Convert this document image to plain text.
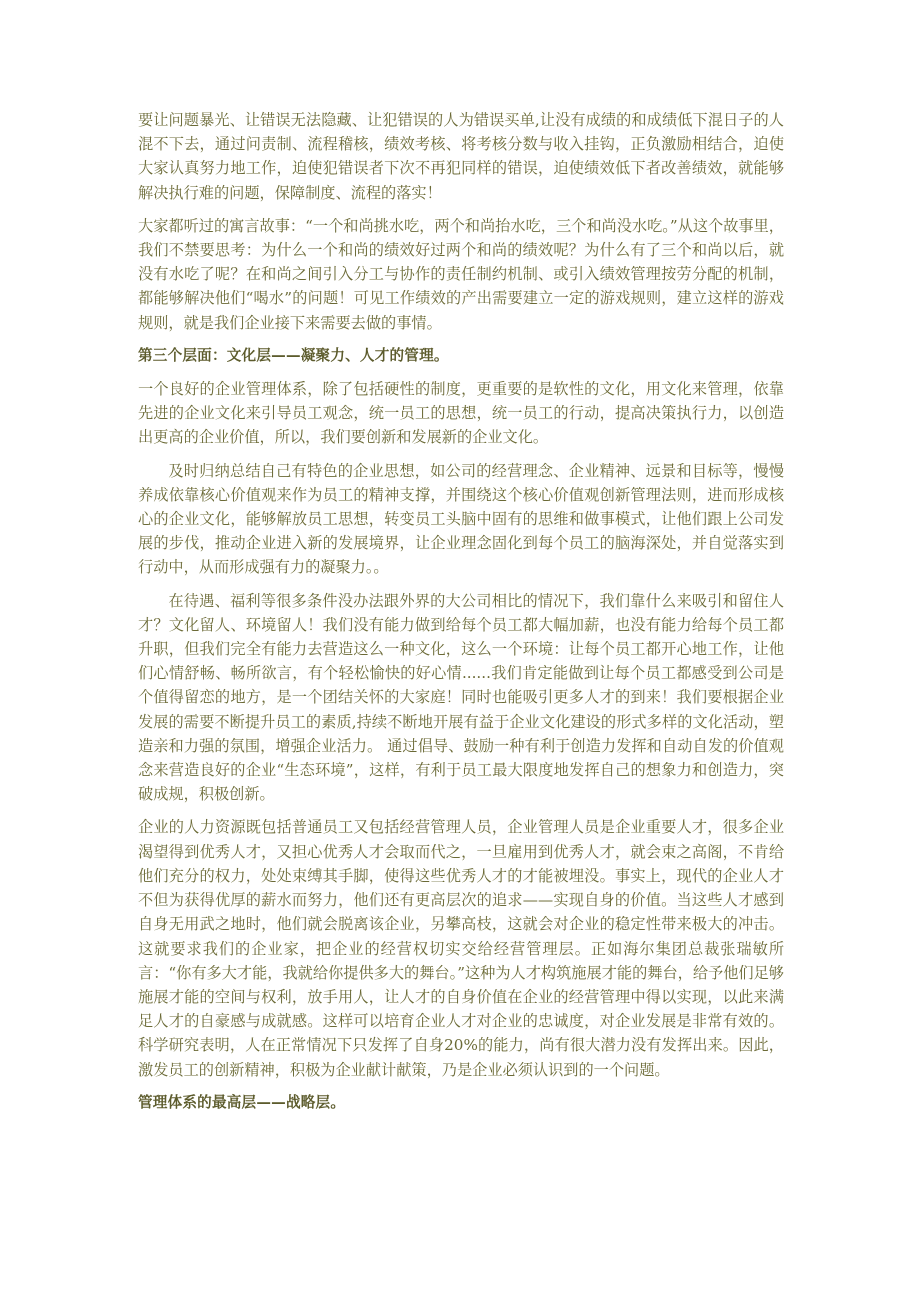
要让问题暴光、让错误无法隐藏、让犯错误的人为错误买单,让没有成绩的和成绩低下混日子的人混不下去，通过问责制、流程稽核，绩效考核、将考核分数与收入挂钩，正负激励相结合，迫使大家认真努力地工作，迫使犯错误者下次不再犯同样的错误，迫使绩效低下者改善绩效，就能够解决执行难的问题，保障制度、流程的落实！

大家都听过的寓言故事：“一个和尚挑水吃，两个和尚抬水吃，三个和尚没水吃。”从这个故事里，我们不禁要思考：为什么一个和尚的绩效好过两个和尚的绩效呢？为什么有了三个和尚以后，就没有水吃了呢？在和尚之间引入分工与协作的责任制约机制、或引入绩效管理按劳分配的机制，都能够解决他们“喝水”的问题！可见工作绩效的产出需要建立一定的游戏规则，建立这样的游戏规则，就是我们企业接下来需要去做的事情。

第三个层面：文化层——凝聚力、人才的管理。

一个良好的企业管理体系，除了包括硬性的制度，更重要的是软性的文化，用文化来管理，依靠先进的企业文化来引导员工观念，统一员工的思想，统一员工的行动，提高决策执行力，以创造出更高的企业价值，所以，我们要创新和发展新的企业文化。

及时归纳总结自己有特色的企业思想，如公司的经营理念、企业精神、远景和目标等，慢慢养成依靠核心价值观来作为员工的精神支撑，并围绕这个核心价值观创新管理法则，进而形成核心的企业文化，能够解放员工思想，转变员工头脑中固有的思维和做事模式，让他们跟上公司发展的步伐，推动企业进入新的发展境界，让企业理念固化到每个员工的脑海深处，并自觉落实到行动中，从而形成强有力的凝聚力。。

在待遇、福利等很多条件没办法跟外界的大公司相比的情况下，我们靠什么来吸引和留住人才？文化留人、环境留人！我们没有能力做到给每个员工都大幅加薪，也没有能力给每个员工都升职，但我们完全有能力去营造这么一种文化，这么一个环境：让每个员工都开心地工作，让他们心情舒畅、畅所欲言，有个轻松愉快的好心情......我们肯定能做到让每个员工都感受到公司是个值得留恋的地方，是一个团结关怀的大家庭！同时也能吸引更多人才的到来！我们要根据企业发展的需要不断提升员工的素质,持续不断地开展有益于企业文化建设的形式多样的文化活动，塑造亲和力强的氛围，增强企业活力。 通过倡导、鼓励一种有利于创造力发挥和自动自发的价值观念来营造良好的企业“生态环境”，这样，有利于员工最大限度地发挥自己的想象力和创造力，突破成规，积极创新。

企业的人力资源既包括普通员工又包括经营管理人员，企业管理人员是企业重要人才，很多企业渴望得到优秀人才，又担心优秀人才会取而代之，一旦雇用到优秀人才，就会束之高阁，不肯给他们充分的权力，处处束缚其手脚，使得这些优秀人才的才能被埋没。事实上，现代的企业人才不但为获得优厚的薪水而努力，他们还有更高层次的追求——实现自身的价值。当这些人才感到自身无用武之地时，他们就会脱离该企业，另攀高枝，这就会对企业的稳定性带来极大的冲击。这就要求我们的企业家，把企业的经营权切实交给经营管理层。正如海尔集团总裁张瑞敏所言：“你有多大才能，我就给你提供多大的舞台。”这种为人才构筑施展才能的舞台，给予他们足够施展才能的空间与权利，放手用人，让人才的自身价值在企业的经营管理中得以实现，以此来满足人才的自豪感与成就感。这样可以培育企业人才对企业的忠诚度，对企业发展是非常有效的。科学研究表明，人在正常情况下只发挥了自身20%的能力，尚有很大潜力没有发挥出来。因此，激发员工的创新精神，积极为企业献计献策，乃是企业必须认识到的一个问题。

管理体系的最高层——战略层。
